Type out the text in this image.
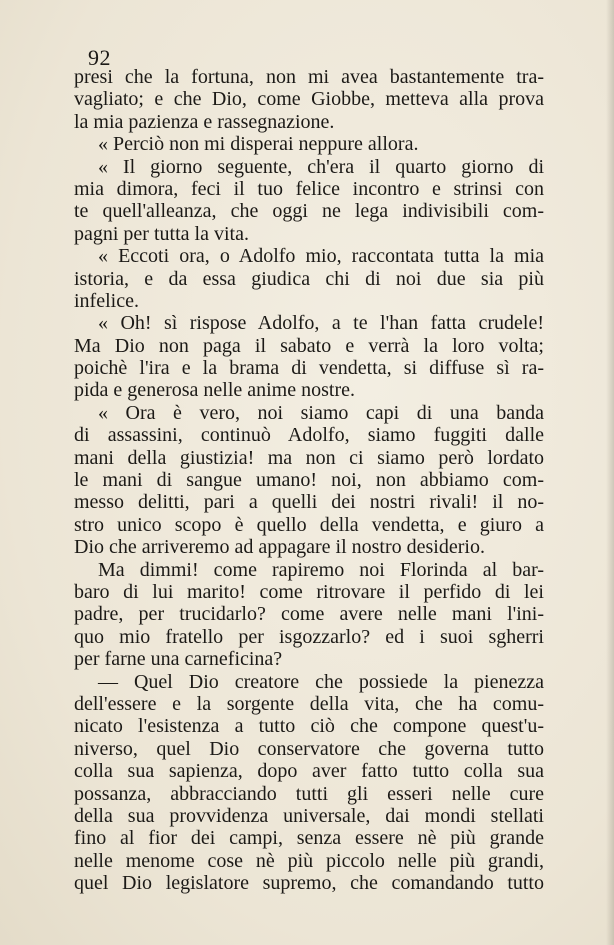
92
presi che la fortuna, non mi avea bastantemente tra-
vagliato; e che Dio, come Giobbe, metteva alla prova
la mia pazienza e rassegnazione.
« Perciò non mi disperai neppure allora.
« Il giorno seguente, ch'era il quarto giorno di
mia dimora, feci il tuo felice incontro e strinsi con
te quell'alleanza, che oggi ne lega indivisibili com-
pagni per tutta la vita.
« Eccoti ora, o Adolfo mio, raccontata tutta la mia
istoria, e da essa giudica chi di noi due sia più
infelice.
« Oh! sì rispose Adolfo, a te l'han fatta crudele!
Ma Dio non paga il sabato e verrà la loro volta;
poichè l'ira e la brama di vendetta, si diffuse sì ra-
pida e generosa nelle anime nostre.
« Ora è vero, noi siamo capi di una banda
di assassini, continuò Adolfo, siamo fuggiti dalle
mani della giustizia! ma non ci siamo però lordato
le mani di sangue umano! noi, non abbiamo com-
messo delitti, pari a quelli dei nostri rivali! il no-
stro unico scopo è quello della vendetta, e giuro a
Dio che arriveremo ad appagare il nostro desiderio.
Ma dimmi! come rapiremo noi Florinda al bar-
baro di lui marito! come ritrovare il perfido di lei
padre, per trucidarlo? come avere nelle mani l'ini-
quo mio fratello per isgozzarlo? ed i suoi sgherri
per farne una carneficina?
— Quel Dio creatore che possiede la pienezza
dell'essere e la sorgente della vita, che ha comu-
nicato l'esistenza a tutto ciò che compone quest'u-
niverso, quel Dio conservatore che governa tutto
colla sua sapienza, dopo aver fatto tutto colla sua
possanza, abbracciando tutti gli esseri nelle cure
della sua provvidenza universale, dai mondi stellati
fino al fior dei campi, senza essere nè più grande
nelle menome cose nè più piccolo nelle più grandi,
quel Dio legislatore supremo, che comandando tutto
